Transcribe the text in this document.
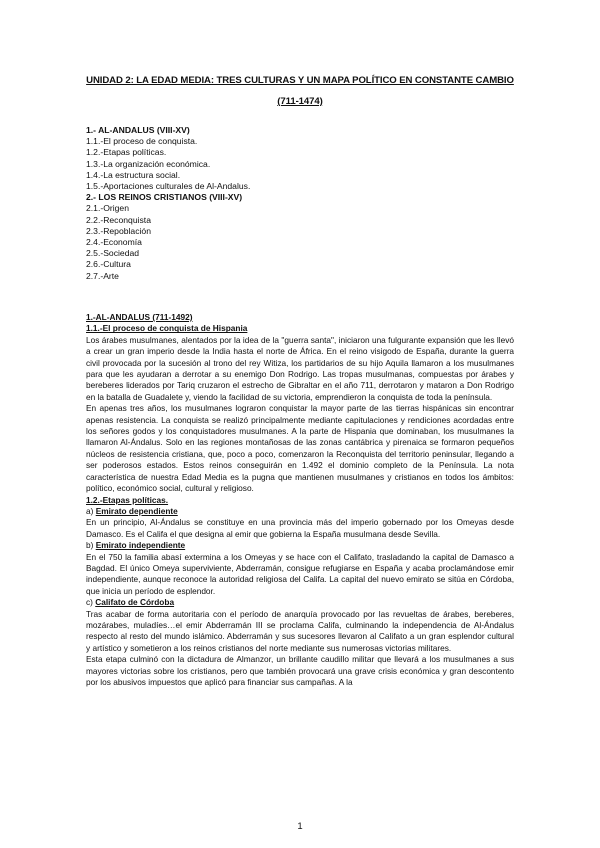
UNIDAD 2: LA EDAD MEDIA: TRES CULTURAS Y UN MAPA POLÍTICO EN CONSTANTE CAMBIO
(711-1474)
1.- AL-ANDALUS (VIII-XV)
1.1.-El proceso de conquista.
1.2.-Etapas políticas.
1.3.-La organización económica.
1.4.-La estructura social.
1.5.-Aportaciones culturales de Al-Andalus.
2.- LOS REINOS CRISTIANOS (VIII-XV)
2.1.-Origen
2.2.-Reconquista
2.3.-Repoblación
2.4.-Economía
2.5.-Sociedad
2.6.-Cultura
2.7.-Arte
1.-AL-ANDALUS (711-1492)
1.1.-El proceso de conquista de Hispania

Los árabes musulmanes, alentados por la idea de la "guerra santa", iniciaron una fulgurante expansión que les llevó a crear un gran imperio desde la India hasta el norte de África. En el reino visigodo de España, durante la guerra civil provocada por la sucesión al trono del rey Witiza, los partidarios de su hijo Aquila llamaron a los musulmanes para que les ayudaran a derrotar a su enemigo Don Rodrigo. Las tropas musulmanas, compuestas por árabes y bereberes liderados por Tariq cruzaron el estrecho de Gibraltar en el año 711, derrotaron y mataron a Don Rodrigo en la batalla de Guadalete y, viendo la facilidad de su victoria, emprendieron la conquista de toda la península.

En apenas tres años, los musulmanes lograron conquistar la mayor parte de las tierras hispánicas sin encontrar apenas resistencia. La conquista se realizó principalmente mediante capitulaciones y rendiciones acordadas entre los señores godos y los conquistadores musulmanes. A la parte de Hispania que dominaban, los musulmanes la llamaron Al-Ándalus. Solo en las regiones montañosas de las zonas cantábrica y pirenaica se formaron pequeños núcleos de resistencia cristiana, que, poco a poco, comenzaron la Reconquista del territorio peninsular, llegando a ser poderosos estados. Estos reinos conseguirán en 1.492 el dominio completo de la Península. La nota característica de nuestra Edad Media es la pugna que mantienen musulmanes y cristianos en todos los ámbitos: político, económico social, cultural y religioso.

1.2.-Etapas políticas.
a) Emirato dependiente

En un principio, Al-Ándalus se constituye en una provincia más del imperio gobernado por los Omeyas desde Damasco. Es el Califa el que designa al emir que gobierna la España musulmana desde Sevilla.

b) Emirato independiente

En el 750 la familia abasí extermina a los Omeyas y se hace con el Califato, trasladando la capital de Damasco a Bagdad. El único Omeya superviviente, Abderramán, consigue refugiarse en España y acaba proclamándose emir independiente, aunque reconoce la autoridad religiosa del Califa. La capital del nuevo emirato se sitúa en Córdoba, que inicia un período de esplendor.

c) Califato de Córdoba

Tras acabar de forma autoritaria con el período de anarquía provocado por las revueltas de árabes, bereberes, mozárabes, muladíes…el emir Abderramán III se proclama Califa, culminando la independencia de Al-Ándalus respecto al resto del mundo islámico. Abderramán y sus sucesores llevaron al Califato a un gran esplendor cultural y artístico y sometieron a los reinos cristianos del norte mediante sus numerosas victorias militares.

Esta etapa culminó con la dictadura de Almanzor, un brillante caudillo militar que llevará a los musulmanes a sus mayores victorias sobre los cristianos, pero que también provocará una grave crisis económica y gran descontento por los abusivos impuestos que aplicó para financiar sus campañas. A la

1
